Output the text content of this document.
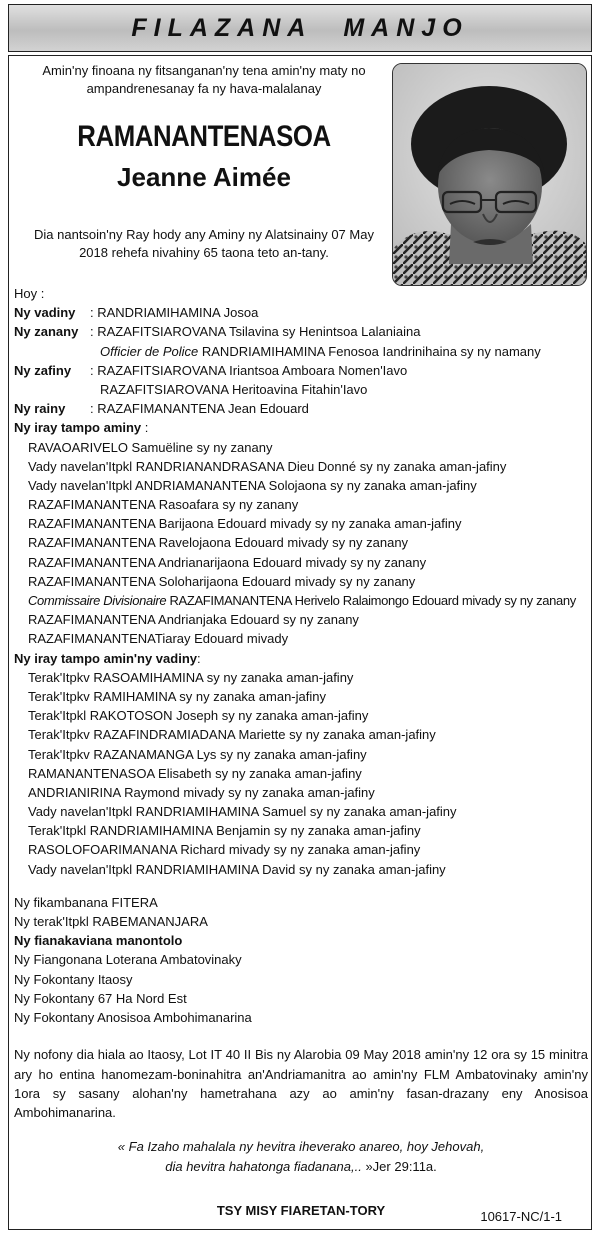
FILAZANA MANJO
Amin'ny finoana ny fitsanganan'ny tena amin'ny maty no
ampandrenesanay fa ny hava-malalanay
RAMANANTENASOA
Jeanne Aimée
Dia nantsoin'ny Ray hody any Aminy ny Alatsinainy 07 May
2018 rehefa nivahiny 65 taona teto an-tany.
Hoy :
Ny vadiny : RANDRIAMIHAMINA Josoa
Ny zanany : RAZAFITSIAROVANA Tsilavina sy Henintsoa Lalaniaina
Officier de Police RANDRIAMIHAMINA Fenosoa Iandrinihaina sy ny namany
Ny zafiny : RAZAFITSIAROVANA Iriantsoa Amboara Nomen'Iavo
RAZAFITSIAROVANA Heritoavina Fitahin'Iavo
Ny rainy : RAZAFIMANANTENA Jean Edouard
Ny iray tampo aminy :
RAVAOARIVELO Samuëline sy ny zanany
Vady navelan'Itpkl RANDRIANANDRASANA Dieu Donné sy ny zanaka aman-jafiny
Vady navelan'Itpkl ANDRIAMANANTENA Solojaona sy ny zanaka aman-jafiny
RAZAFIMANANTENA Rasoafara sy ny zanany
RAZAFIMANANTENA Barijaona Edouard mivady sy ny zanaka aman-jafiny
RAZAFIMANANTENA Ravelojaona Edouard mivady sy ny zanany
RAZAFIMANANTENA Andrianarijaona Edouard mivady sy ny zanany
RAZAFIMANANTENA Soloharijaona Edouard mivady sy ny zanany
Commissaire Divisionaire RAZAFIMANANTENA Herivelo Ralaimongo Edouard mivady sy ny zanany
RAZAFIMANANTENA Andrianjaka Edouard sy ny zanany
RAZAFIMANANTENATiaray Edouard mivady
Ny iray tampo amin'ny vadiny:
Terak'Itpkv RASOAMIHAMINA sy ny zanaka aman-jafiny
Terak'Itpkv RAMIHAMINA sy ny zanaka aman-jafiny
Terak'Itpkl RAKOTOSON Joseph sy ny zanaka aman-jafiny
Terak'Itpkv RAZAFINDRAMIADANA Mariette sy ny zanaka aman-jafiny
Terak'Itpkv RAZANAMANGA Lys sy ny zanaka aman-jafiny
RAMANANTENASOA Elisabeth sy ny zanaka aman-jafiny
ANDRIANIRINA Raymond mivady sy ny zanaka aman-jafiny
Vady navelan'Itpkl RANDRIAMIHAMINA Samuel sy ny zanaka aman-jafiny
Terak'Itpkl RANDRIAMIHAMINA Benjamin sy ny zanaka aman-jafiny
RASOLOFOARIMANANA Richard mivady sy ny zanaka aman-jafiny
Vady navelan'Itpkl RANDRIAMIHAMINA David sy ny zanaka aman-jafiny
Ny fikambanana FITERA
Ny terak'Itpkl RABEMANANJARA
Ny fianakaviana manontolo
Ny Fiangonana Loterana Ambatovinaky
Ny Fokontany Itaosy
Ny Fokontany 67 Ha Nord Est
Ny Fokontany Anosisoa Ambohimanarina
Ny nofony dia hiala ao Itaosy, Lot IT 40 II Bis ny Alarobia 09 May 2018 amin'ny 12 ora sy 15 minitra ary ho entina hanomezam-boninahitra an'Andriamanitra ao amin'ny FLM Ambatovinaky amin'ny 1ora sy sasany alohan'ny hametrahana azy ao amin'ny fasan-drazany eny Anosisoa Ambohimanarina.
« Fa Izaho mahalala ny hevitra iheverako anareo, hoy Jehovah,
dia hevitra hahatonga fiadanana,.. »Jer 29:11a.
TSY MISY FIARETAN-TORY	10617-NC/1-1
